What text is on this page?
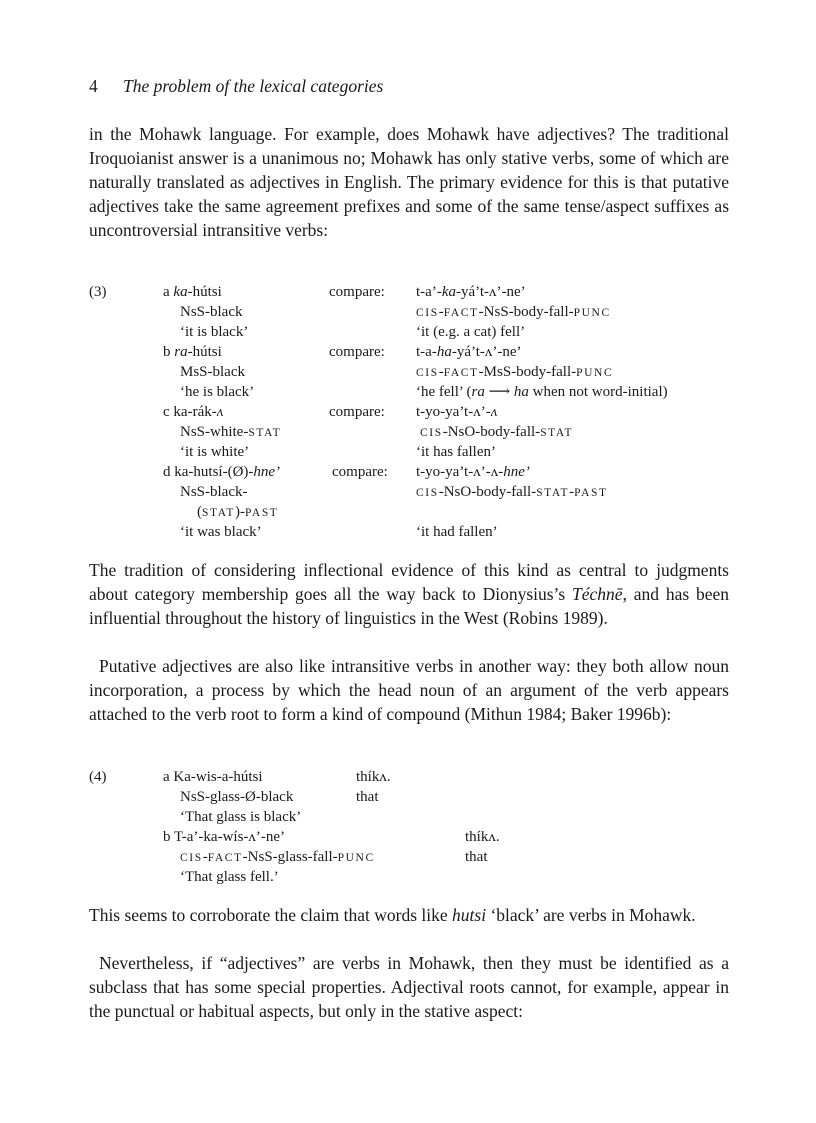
4 The problem of the lexical categories

in the Mohawk language. For example, does Mohawk have adjectives? The traditional Iroquoianist answer is a unanimous no; Mohawk has only stative verbs, some of which are naturally translated as adjectives in English. The primary evidence for this is that putative adjectives take the same agreement prefixes and some of the same tense/aspect suffixes as uncontroversial intransitive verbs:

(3)	a ka-hútsi	compare: t-a’-ka-yá’t-ʌ’-ne’
NsS-black	CIS-FACT-NsS-body-fall-PUNC
‘it is black’	‘it (e.g. a cat) fell’
b ra-hútsi	compare: t-a-ha-yá’t-ʌ’-ne’
MsS-black	CIS-FACT-MsS-body-fall-PUNC
‘he is black’	‘he fell’ (ra ⟶ ha when not word-initial)
c ka-rák-ʌ	compare: t-yo-ya’t-ʌ’-ʌ
NsS-white-STAT	CIS-NsO-body-fall-STAT
‘it is white’	‘it has fallen’
d ka-hutsí-(Ø)-hne’	compare: t-yo-ya’t-ʌ’-ʌ-hne’
NsS-black-	CIS-NsO-body-fall-STAT-PAST
(STAT)-PAST
‘it was black’	‘it had fallen’

The tradition of considering inflectional evidence of this kind as central to judgments about category membership goes all the way back to Dionysius’s Téchnē, and has been influential throughout the history of linguistics in the West (Robins 1989).

Putative adjectives are also like intransitive verbs in another way: they both allow noun incorporation, a process by which the head noun of an argument of the verb appears attached to the verb root to form a kind of compound (Mithun 1984; Baker 1996b):

(4)	a Ka-wis-a-hútsi	thíkʌ.
NsS-glass-Ø-black	that
‘That glass is black’
b T-a’-ka-wís-ʌ’-ne’	thíkʌ.
CIS-FACT-NsS-glass-fall-PUNC	that
‘That glass fell.’

This seems to corroborate the claim that words like hutsi ‘black’ are verbs in Mohawk.

Nevertheless, if “adjectives” are verbs in Mohawk, then they must be identified as a subclass that has some special properties. Adjectival roots cannot, for example, appear in the punctual or habitual aspects, but only in the stative aspect:
